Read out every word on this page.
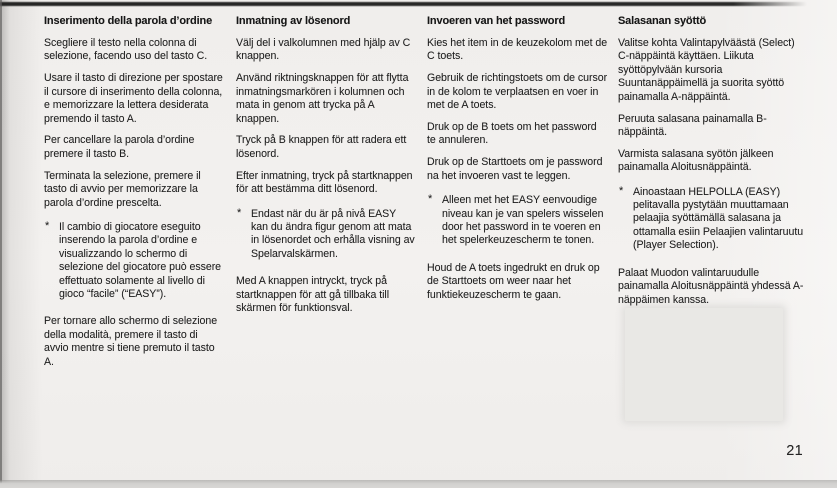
Inserimento della parola d’ordine

Scegliere il testo nella colonna di selezione, facendo uso del tasto C.

Usare il tasto di direzione per spostare il cursore di inserimento della colonna, e memorizzare la lettera desiderata premendo il tasto A.

Per cancellare la parola d’ordine premere il tasto B.

Terminata la selezione, premere il tasto di avvio per memorizzare la parola d’ordine prescelta.

* Il cambio di giocatore eseguito inserendo la parola d’ordine e visualizzando lo schermo di selezione del giocatore può essere effettuato solamente al livello di gioco “facile” (“EASY”).

Per tornare allo schermo di selezione della modalità, premere il tasto di avvio mentre si tiene premuto il tasto A.

Inmatning av lösenord

Välj del i valkolumnen med hjälp av C knappen.

Använd riktningsknappen för att flytta inmatningsmarkören i kolumnen och mata in genom att trycka på A knappen.

Tryck på B knappen för att radera ett lösenord.

Efter inmatning, tryck på startknappen för att bestämma ditt lösenord.

* Endast när du är på nivå EASY kan du ändra figur genom att mata in lösenordet och erhålla visning av Spelarvalskärmen.

Med A knappen intryckt, tryck på startknappen för att gå tillbaka till skärmen för funktionsval.

Invoeren van het password

Kies het item in de keuzekolom met de C toets.

Gebruik de richtingstoets om de cursor in de kolom te verplaatsen en voer in met de A toets.

Druk op de B toets om het password te annuleren.

Druk op de Starttoets om je password na het invoeren vast te leggen.

* Alleen met het EASY eenvoudige niveau kan je van spelers wisselen door het password in te voeren en het spelerkeuzescherm te tonen.

Houd de A toets ingedrukt en druk op de Starttoets om weer naar het funktiekeuzescherm te gaan.

Salasanan syöttö

Valitse kohta Valintapylväästä (Select) C-näppäintä käyttäen. Liikuta syöttöpylvään kursoria Suuntanäppäimellä ja suorita syöttö painamalla A-näppäintä.

Peruuta salasana painamalla B-näppäintä.

Varmista salasana syötön jälkeen painamalla Aloitusnäppäintä.

* Ainoastaan HELPOLLA (EASY) pelitavalla pystytään muuttamaan pelaajia syöttämällä salasana ja ottamalla esiin Pelaajien valintaruutu (Player Selection).

Palaat Muodon valintaruudulle painamalla Aloitusnäppäintä yhdessä A-näppäimen kanssa.

21
